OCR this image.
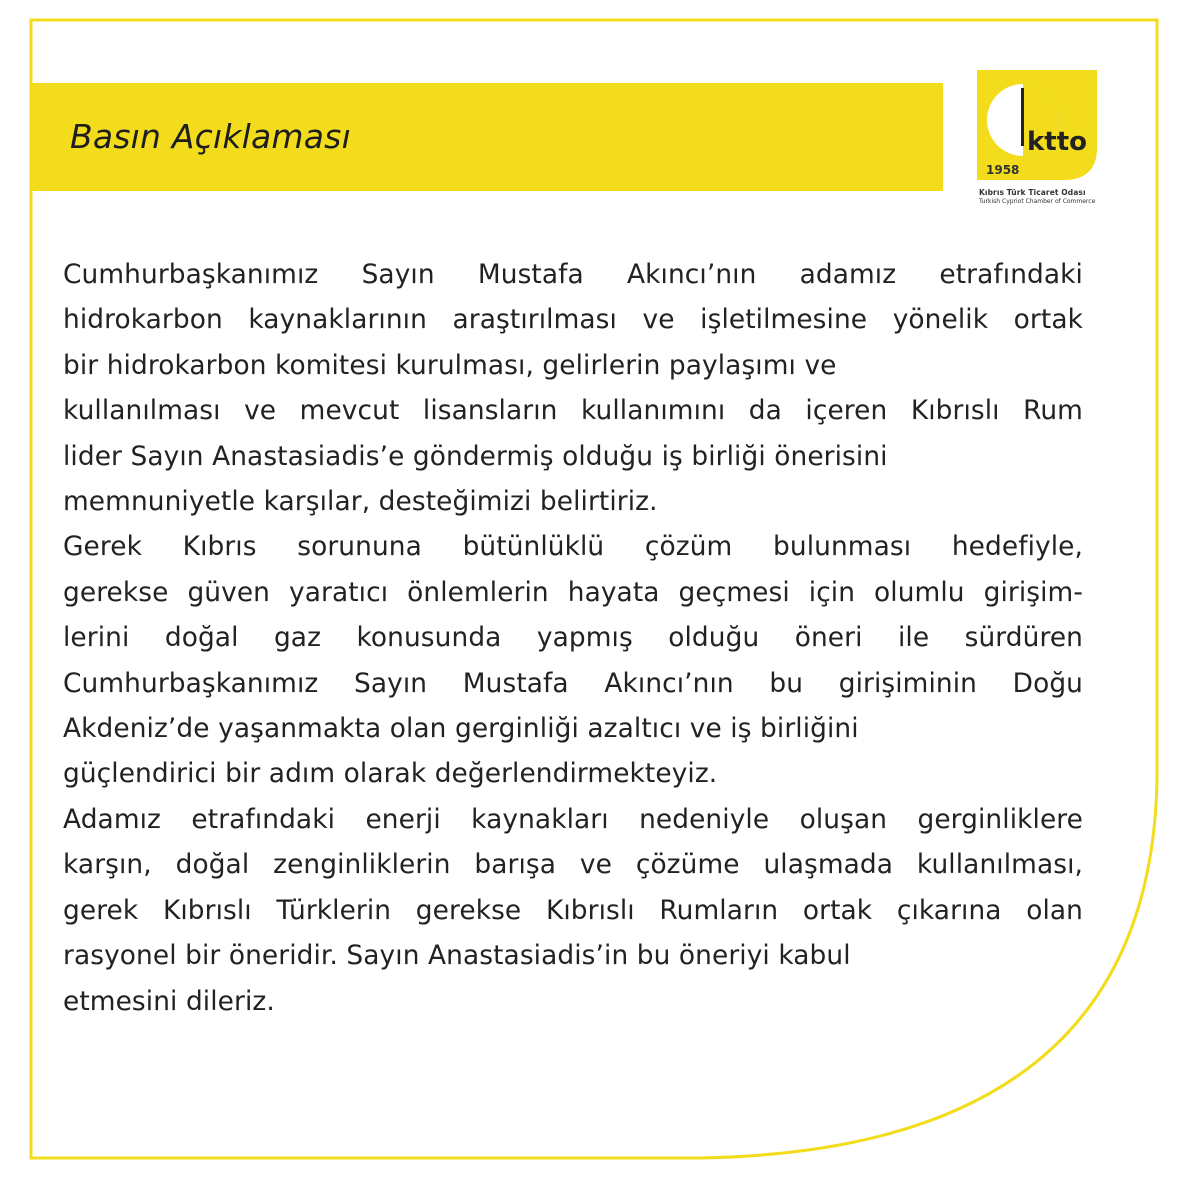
Basın Açıklaması	ktto
1958
Kıbrıs Türk Ticaret Odası
Turkish Cypriot Chamber of Commerce

Cumhurbaşkanımız Sayın Mustafa Akıncı’nın adamız etrafındaki
hidrokarbon kaynaklarının araştırılması ve işletilmesine yönelik ortak
bir hidrokarbon komitesi kurulması, gelirlerin paylaşımı ve
kullanılması ve mevcut lisansların kullanımını da içeren Kıbrıslı Rum
lider Sayın Anastasiadis’e göndermiş olduğu iş birliği önerisini
memnuniyetle karşılar, desteğimizi belirtiriz.

Gerek Kıbrıs sorununa bütünlüklü çözüm bulunması hedefiyle,
gerekse güven yaratıcı önlemlerin hayata geçmesi için olumlu girişim-
lerini doğal gaz konusunda yapmış olduğu öneri ile sürdüren
Cumhurbaşkanımız Sayın Mustafa Akıncı’nın bu girişiminin Doğu
Akdeniz’de yaşanmakta olan gerginliği azaltıcı ve iş birliğini
güçlendirici bir adım olarak değerlendirmekteyiz.

Adamız etrafındaki enerji kaynakları nedeniyle oluşan gerginliklere
karşın, doğal zenginliklerin barışa ve çözüme ulaşmada kullanılması,
gerek Kıbrıslı Türklerin gerekse Kıbrıslı Rumların ortak çıkarına olan
rasyonel bir öneridir. Sayın Anastasiadis’in bu öneriyi kabul
etmesini dileriz.
